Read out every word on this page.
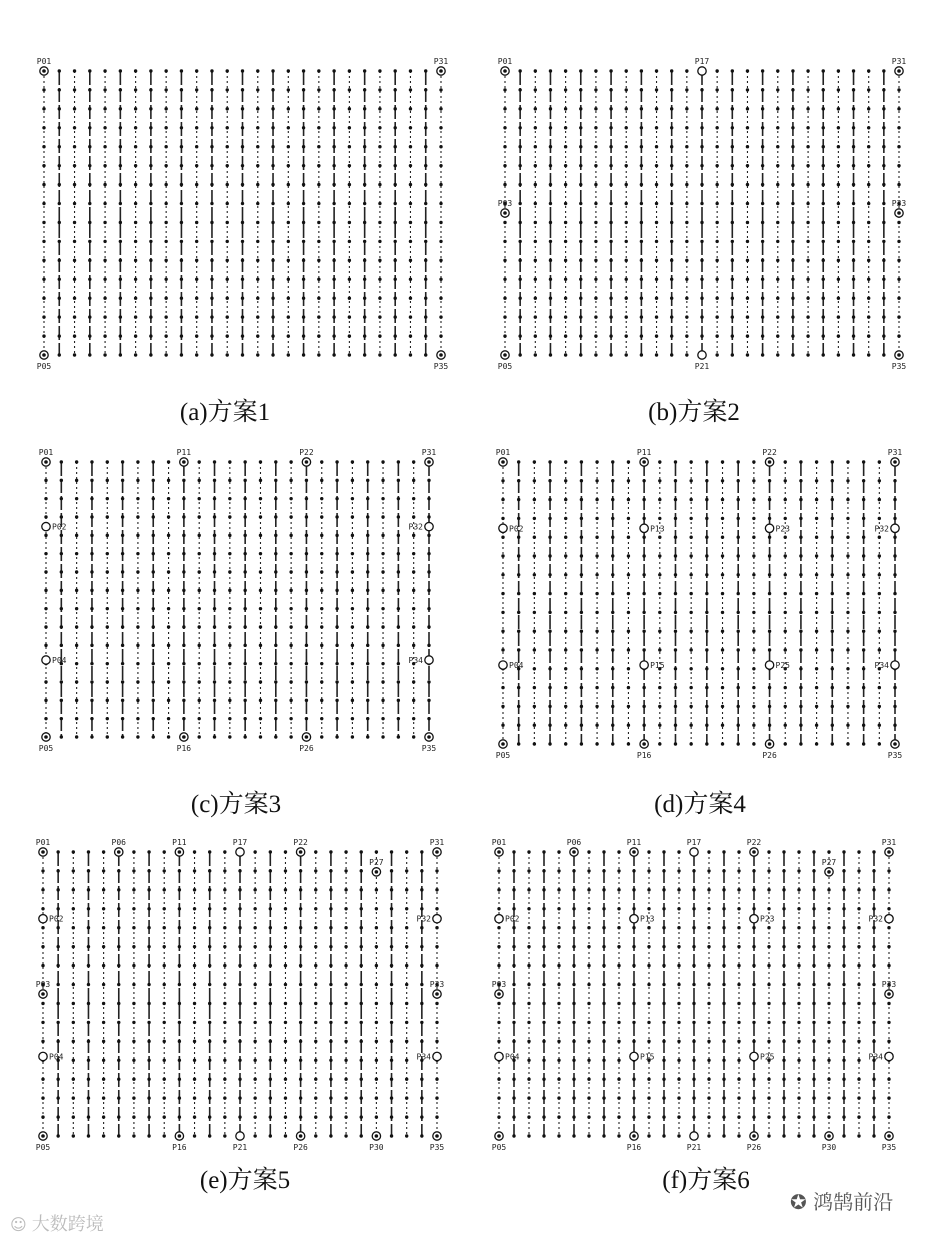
P01	P31
P05	P35
P01	P17	P31
P03	P33
P05	P21	P35
P01	P11	P22	P31
P02	P32
P04	P34
P05	P16	P26	P35
P01	P11	P22	P31
P02	P13	P23	P32
P04	P15	P25	P34
P05	P16	P26	P35
P01	P06	P11	P17	P22
P27
P31
P02	P32
P03	P33
P04	P34
P05	P16	P21	P26	P30	P35
P01	P06	P11	P17	P22
P27
P31
P02	P13	P23	P32
P03	P33
P04	P15	P25	P34
P05	P16	P21	P26	P30	P35
(a)方案1	(b)方案2
(c)方案3	(d)方案4
(e)方案5	(f)方案6
☺ 大数跨境
✪ 鸿鹄前沿
